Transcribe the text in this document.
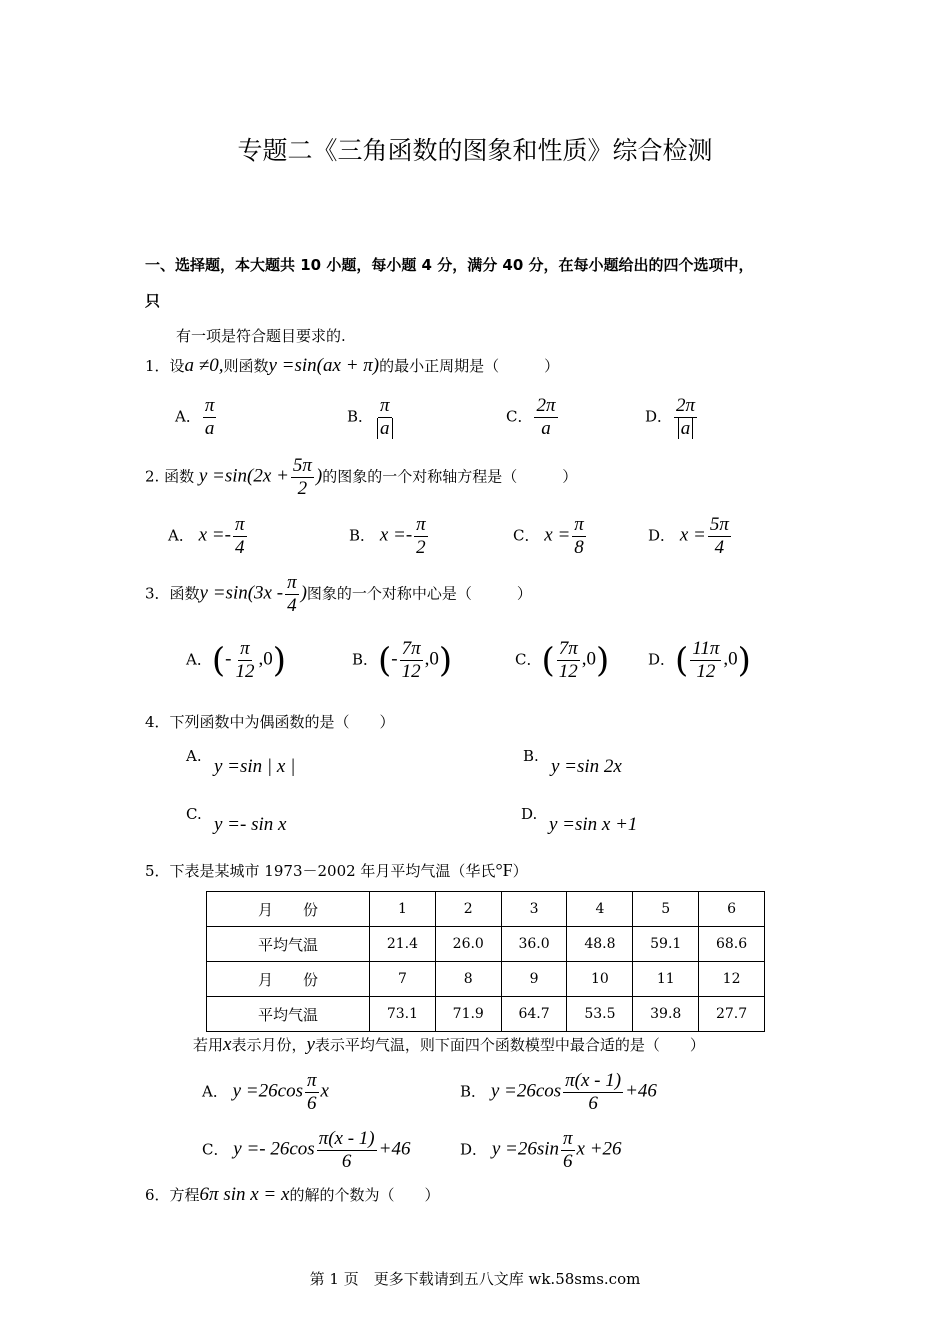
专题二《三角函数的图象和性质》综合检测
一、选择题，本大题共 10 小题，每小题 4 分，满分 40 分，在每小题给出的四个选项中，
只
有一项是符合题目要求的.
1．设a ≠0,则函数y =sin(ax + π)的最小正周期是（　　　）
A． $\frac{\pi}{a}$	B． $\frac{\pi}{a}$	C． $\frac{2\pi}{a}$	D． $\frac{2\pi}{a}$
2. 函数 $y =\sin(2x + \frac{5\pi}{2}$ )的图象的一个对称轴方程是（　　　）
A． $x =- \frac{\pi}{4}$	B． $x =- \frac{\pi}{2}$	C． $x = \frac{\pi}{8}$	D． $x = \frac{5\pi}{4}$
3．函数$y =\sin(3x - \frac{\pi}{4}$ )图象的一个对称中心是（　　　）
A．(- $\frac{\pi}{12} ,0$)	B．(- $\frac{7\pi}{12} ,0$)	C．( $\frac{7\pi}{12} ,0$)	D．( $\frac{11\pi}{12} ,0$)
4．下列函数中为偶函数的是（　　）
A. y =sin | x |	B. y =sin 2x
C. y =- sin x	D. y =sin x +1
5．下表是某城市 1973－2002 年月平均气温（华氏°F）
月　　份	1	2	3	4	5	6
平均气温	21.4	26.0	36.0	48.8	59.1	68.6
月　　份	7	8	9	10	11	12
平均气温	73.1	71.9	64.7	53.5	39.8	27.7
若用x表示月份，y表示平均气温，则下面四个函数模型中最合适的是（　　）
A． $y =26\cos \frac{\pi}{6}$ x	B． $y =26\cos \frac{\pi(x - 1)}{6} +46$
C． $y =- 26\cos \frac{\pi(x - 1)}{6} +46$	D． $y =26\sin \frac{\pi}{6}$ x +26
6．方程6π sin x = x的解的个数为（　　）
第 1 页　更多下载请到五八文库 wk.58sms.com
